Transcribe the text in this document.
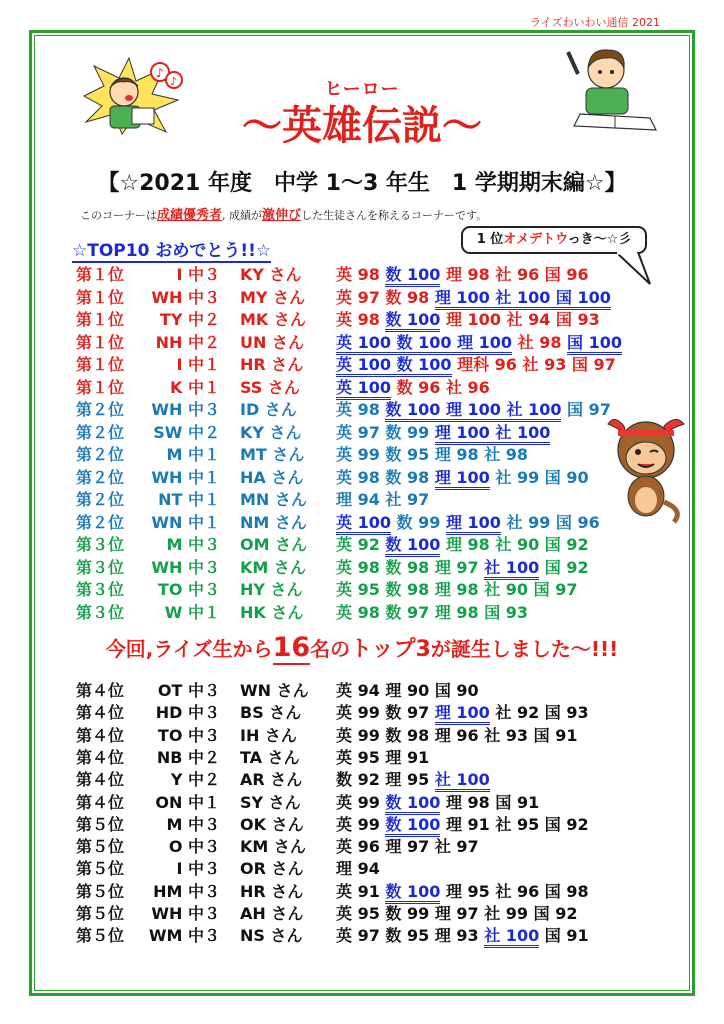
ライズわいわい通信 2021
♪
♪	ヒーロー
〜英雄伝説〜
【☆2021 年度　中学 1〜3 年生　1 学期期末編☆】
このコーナーは成績優秀者, 成績が激伸びした生徒さんを称えるコーナーです。
☆TOP10 おめでとう!!☆
1 位オメデトウっき〜☆彡
第１位	I 中３ KY さん 英 98 数 100 理 98 社 96 国 96
第１位	WH 中３ MY さん 英 97 数 98 理 100 社 100 国 100
第１位	TY 中２ MK さん 英 98 数 100 理 100 社 94 国 93
第１位	NH 中２ UN さん 英 100 数 100 理 100 社 98 国 100
第１位	I 中１ HR さん 英 100 数 100 理科 96 社 93 国 97
第１位	K 中１ SS さん 英 100 数 96 社 96
第２位	WH 中３ ID さん 英 98 数 100 理 100 社 100 国 97
第２位	SW 中２ KY さん 英 97 数 99 理 100 社 100
第２位	M 中１ MT さん 英 99 数 95 理 98 社 98
第２位	WH 中１ HA さん 英 98 数 98 理 100 社 99 国 90
第２位	NT 中１ MN さん 理 94 社 97
第２位	WN 中１ NM さん 英 100 数 99 理 100 社 99 国 96
第３位	M 中３ OM さん 英 92 数 100 理 98 社 90 国 92
第３位	WH 中３ KM さん 英 98 数 98 理 97 社 100 国 92
第３位	TO 中３ HY さん 英 95 数 98 理 98 社 90 国 97
第３位	W 中１ HK さん 英 98 数 97 理 98 国 93
今回,ライズ生から16名のトップ3が誕生しました〜!!!
第４位	OT 中３ WN さん 英 94 理 90 国 90
第４位	HD 中３ BS さん 英 99 数 97 理 100 社 92 国 93
第４位	TO 中３ IH さん 英 99 数 98 理 96 社 93 国 91
第４位	NB 中２ TA さん 英 95 理 91
第４位	Y 中２ AR さん 数 92 理 95 社 100
第４位	ON 中１ SY さん 英 99 数 100 理 98 国 91
第５位	M 中３ OK さん 英 99 数 100 理 91 社 95 国 92
第５位	O 中３ KM さん 英 96 理 97 社 97
第５位	I 中３ OR さん 理 94
第５位	HM 中３ HR さん 英 91 数 100 理 95 社 96 国 98
第５位	WH 中３ AH さん 英 95 数 99 理 97 社 99 国 92
第５位	WM 中３ NS さん 英 97 数 95 理 93 社 100 国 91
